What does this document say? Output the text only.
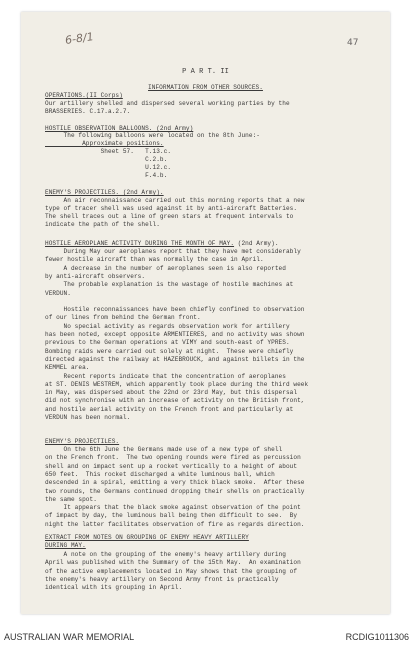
6-8/1	47
P A R T. II
INFORMATION FROM OTHER SOURCES.
OPERATIONS.(II Corps)
Our artillery shelled and dispersed several working parties by the
BRASSERIES. C.17.a.2.7.
HOSTILE OBSERVATION BALLOONS. (2nd Army)
The following balloons were located on the 8th June:-
Approximate positions.
Sheet 57.   T.13.c.
C.2.b.
U.12.c.
F.4.b.
ENEMY'S PROJECTILES. (2nd Army).
An air reconnaissance carried out this morning reports that a new
type of tracer shell was used against it by anti-aircraft Batteries.
The shell traces out a line of green stars at frequent intervals to
indicate the path of the shell.
HOSTILE AEROPLANE ACTIVITY DURING THE MONTH OF MAY. (2nd Army).
During May our aeroplanes report that they have met considerably
fewer hostile aircraft than was normally the case in April.
A decrease in the number of aeroplanes seen is also reported
by anti-aircraft observers.
The probable explanation is the wastage of hostile machines at
VERDUN.
Hostile reconnaissances have been chiefly confined to observation
of our lines from behind the German front.
No special activity as regards observation work for artillery
has been noted, except opposite ARMENTIERES, and no activity was shown
previous to the German operations at VIMY and south-east of YPRES.
Bombing raids were carried out solely at night.  These were chiefly
directed against the railway at HAZEBROUCK, and against billets in the
KEMMEL area.
Recent reports indicate that the concentration of aeroplanes
at ST. DENIS WESTREM, which apparently took place during the third week
in May, was dispersed about the 22nd or 23rd May, but this dispersal
did not synchronise with an increase of activity on the British front,
and hostile aerial activity on the French front and particularly at
VERDUN has been normal.
ENEMY'S PROJECTILES.
On the 6th June the Germans made use of a new type of shell
on the French front.  The two opening rounds were fired as percussion
shell and on impact sent up a rocket vertically to a height of about
650 feet.  This rocket discharged a white luminous ball, which
descended in a spiral, emitting a very thick black smoke.  After these
two rounds, the Germans continued dropping their shells on practically
the same spot.
It appears that the black smoke against observation of the point
of impact by day, the luminous ball being then difficult to see.  By
night the latter facilitates observation of fire as regards direction.
EXTRACT FROM NOTES ON GROUPING OF ENEMY HEAVY ARTILLERY
DURING MAY.
A note on the grouping of the enemy's heavy artillery during
April was published with the Summary of the 15th May.  An examination
of the active emplacements located in May shows that the grouping of
the enemy's heavy artillery on Second Army front is practically
identical with its grouping in April.
AUSTRALIAN WAR MEMORIAL	RCDIG1011306
